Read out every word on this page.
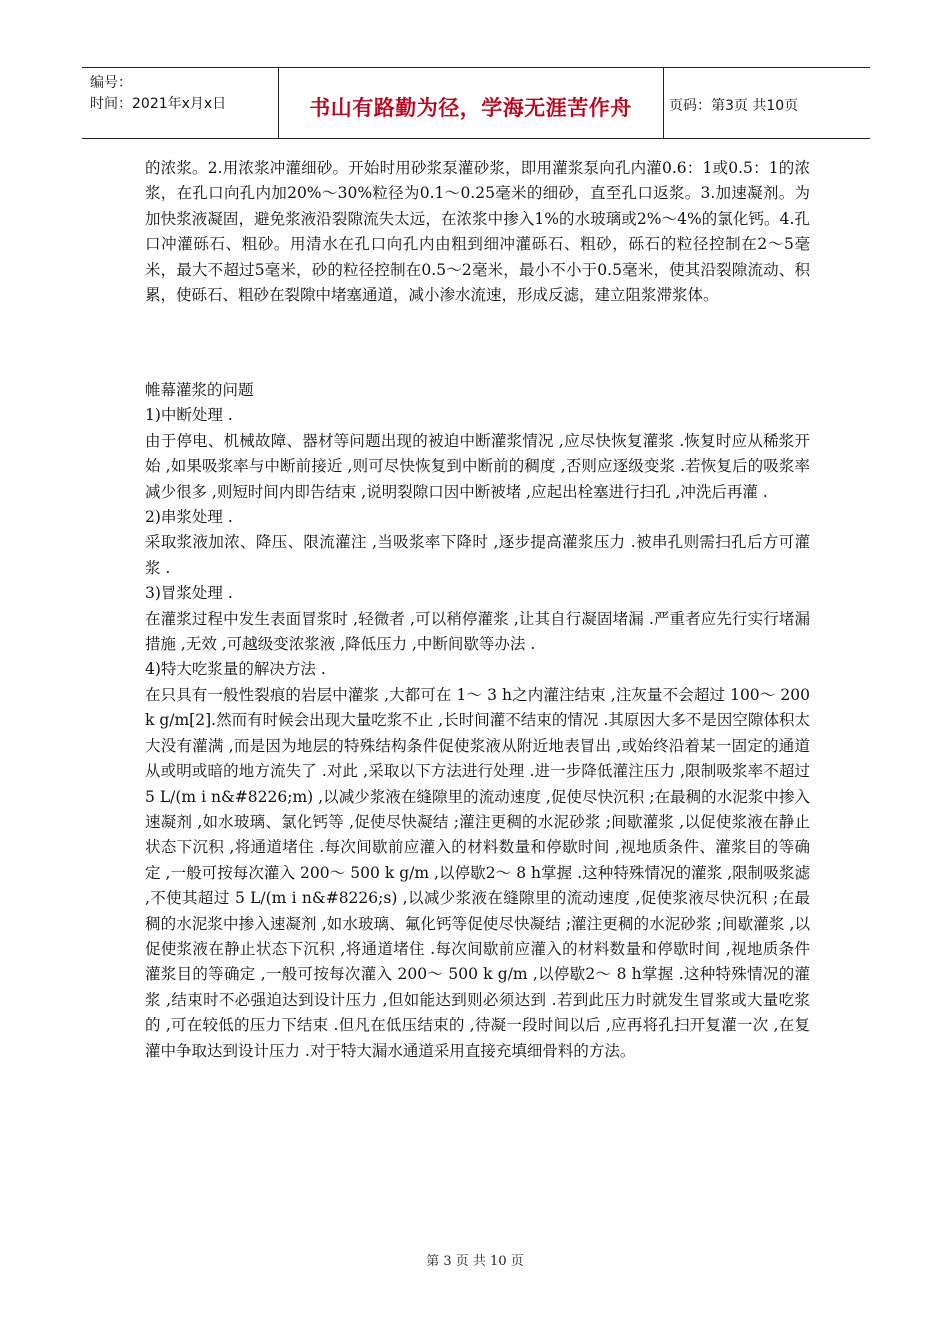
编号：
时间：2021年x月x日	书山有路勤为径，学海无涯苦作舟	页码：第3页 共10页

的浓浆。2.用浓浆冲灌细砂。开始时用砂浆泵灌砂浆，即用灌浆泵向孔内灌0.6：1或0.5：1的浓浆，在孔口向孔内加20%～30%粒径为0.1～0.25毫米的细砂，直至孔口返浆。3.加速凝剂。为加快浆液凝固，避免浆液沿裂隙流失太远，在浓浆中掺入1%的水玻璃或2%～4%的氯化钙。4.孔口冲灌砾石、粗砂。用清水在孔口向孔内由粗到细冲灌砾石、粗砂，砾石的粒径控制在2～5毫米，最大不超过5毫米，砂的粒径控制在0.5～2毫米，最小不小于0.5毫米，使其沿裂隙流动、积累，使砾石、粗砂在裂隙中堵塞通道，减小渗水流速，形成反滤，建立阻浆滞浆体。

帷幕灌浆的问题

1)中断处理 .

由于停电、机械故障、器材等问题出现的被迫中断灌浆情况 ,应尽快恢复灌浆 .恢复时应从稀浆开始 ,如果吸浆率与中断前接近 ,则可尽快恢复到中断前的稠度 ,否则应逐级变浆 .若恢复后的吸浆率减少很多 ,则短时间内即告结束 ,说明裂隙口因中断被堵 ,应起出栓塞进行扫孔 ,冲洗后再灌 .

2)串浆处理 .

采取浆液加浓、降压、限流灌注 ,当吸浆率下降时 ,逐步提高灌浆压力 .被串孔则需扫孔后方可灌浆 .

3)冒浆处理 .

在灌浆过程中发生表面冒浆时 ,轻微者 ,可以稍停灌浆 ,让其自行凝固堵漏 .严重者应先行实行堵漏措施 ,无效 ,可越级变浓浆液 ,降低压力 ,中断间歇等办法 .

4)特大吃浆量的解决方法 .

在只具有一般性裂痕的岩层中灌浆 ,大都可在 1～ 3 h之内灌注结束 ,注灰量不会超过 100～ 200 k g/m[2].然而有时候会出现大量吃浆不止 ,长时间灌不结束的情况 .其原因大多不是因空隙体积太大没有灌满 ,而是因为地层的特殊结构条件促使浆液从附近地表冒出 ,或始终沿着某一固定的通道从或明或暗的地方流失了 .对此 ,采取以下方法进行处理 .进一步降低灌注压力 ,限制吸浆率不超过 5 L/(m i n&#8226;m) ,以减少浆液在缝隙里的流动速度 ,促使尽快沉积 ;在最稠的水泥浆中掺入速凝剂 ,如水玻璃、氯化钙等 ,促使尽快凝结 ;灌注更稠的水泥砂浆 ;间歇灌浆 ,以促使浆液在静止状态下沉积 ,将通道堵住 .每次间歇前应灌入的材料数量和停歇时间 ,视地质条件、灌浆目的等确定 ,一般可按每次灌入 200～ 500 k g/m ,以停歇2～ 8 h掌握 .这种特殊情况的灌浆 ,限制吸浆滤 ,不使其超过 5 L/(m i n&#8226;s) ,以减少浆液在缝隙里的流动速度 ,促使浆液尽快沉积 ;在最稠的水泥浆中掺入速凝剂 ,如水玻璃、氟化钙等促使尽快凝结 ;灌注更稠的水泥砂浆 ;间歇灌浆 ,以促使浆液在静止状态下沉积 ,将通道堵住 .每次间歇前应灌入的材料数量和停歇时间 ,视地质条件灌浆目的等确定 ,一般可按每次灌入 200～ 500 k g/m ,以停歇2～ 8 h掌握 .这种特殊情况的灌浆 ,结束时不必强迫达到设计压力 ,但如能达到则必须达到 .若到此压力时就发生冒浆或大量吃浆的 ,可在较低的压力下结束 .但凡在低压结束的 ,待凝一段时间以后 ,应再将孔扫开复灌一次 ,在复灌中争取达到设计压力 .对于特大漏水通道采用直接充填细骨料的方法。

第 3 页 共 10 页
